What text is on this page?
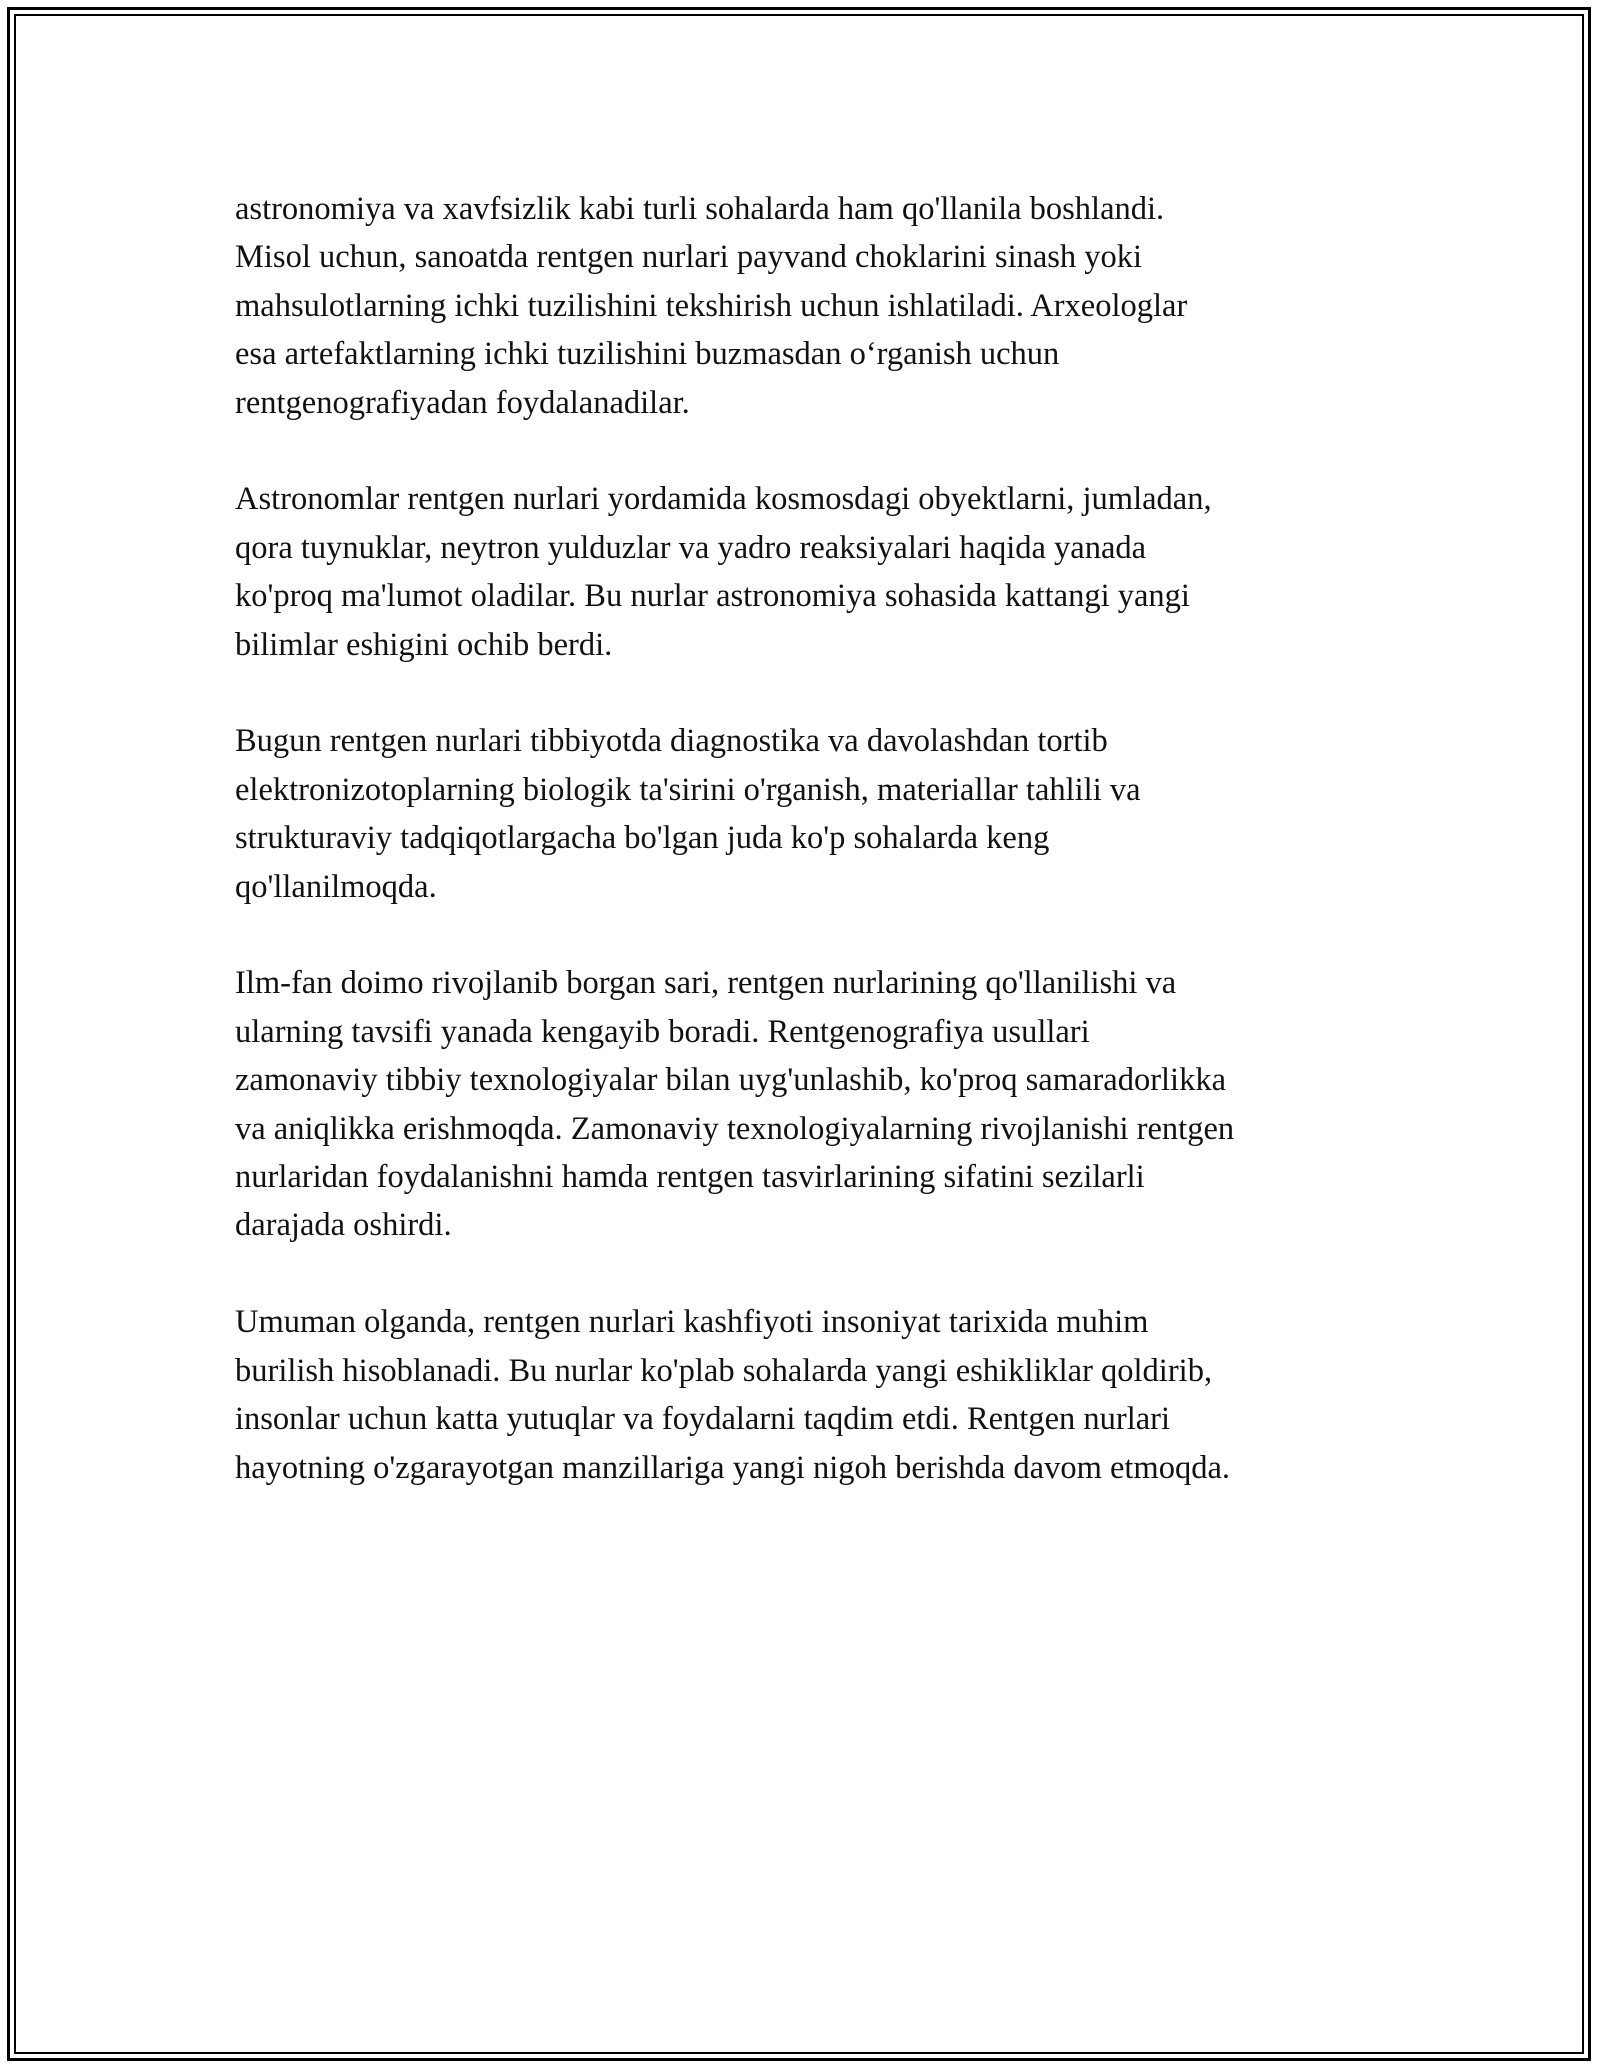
astronomiya va xavfsizlik kabi turli sohalarda ham qo'llanila boshlandi.
Misol uchun, sanoatda rentgen nurlari payvand choklarini sinash yoki
mahsulotlarning ichki tuzilishini tekshirish uchun ishlatiladi. Arxeologlar
esa artefaktlarning ichki tuzilishini buzmasdan o‘rganish uchun
rentgenografiyadan foydalanadilar.

Astronomlar rentgen nurlari yordamida kosmosdagi obyektlarni, jumladan,
qora tuynuklar, neytron yulduzlar va yadro reaksiyalari haqida yanada
ko'proq ma'lumot oladilar. Bu nurlar astronomiya sohasida kattangi yangi
bilimlar eshigini ochib berdi.

Bugun rentgen nurlari tibbiyotda diagnostika va davolashdan tortib
elektronizotoplarning biologik ta'sirini o'rganish, materiallar tahlili va
strukturaviy tadqiqotlargacha bo'lgan juda ko'p sohalarda keng
qo'llanilmoqda.

Ilm-fan doimo rivojlanib borgan sari, rentgen nurlarining qo'llanilishi va
ularning tavsifi yanada kengayib boradi. Rentgenografiya usullari
zamonaviy tibbiy texnologiyalar bilan uyg'unlashib, ko'proq samaradorlikka
va aniqlikka erishmoqda. Zamonaviy texnologiyalarning rivojlanishi rentgen
nurlaridan foydalanishni hamda rentgen tasvirlarining sifatini sezilarli
darajada oshirdi.

Umuman olganda, rentgen nurlari kashfiyoti insoniyat tarixida muhim
burilish hisoblanadi. Bu nurlar ko'plab sohalarda yangi eshikliklar qoldirib,
insonlar uchun katta yutuqlar va foydalarni taqdim etdi. Rentgen nurlari
hayotning o'zgarayotgan manzillariga yangi nigoh berishda davom etmoqda.
